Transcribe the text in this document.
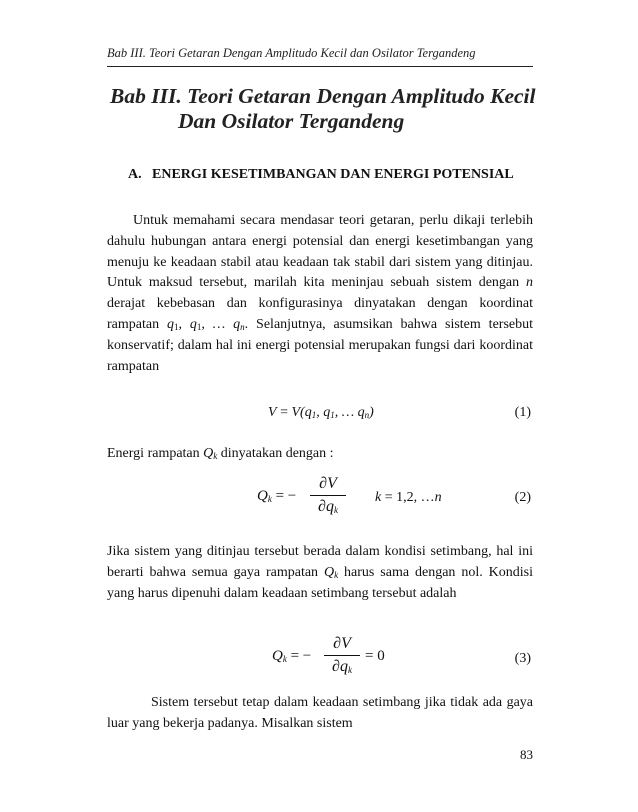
Bab III. Teori Getaran Dengan Amplitudo Kecil dan Osilator Tergandeng
Bab III. Teori Getaran Dengan Amplitudo Kecil
Dan Osilator Tergandeng
A. ENERGI KESETIMBANGAN DAN ENERGI POTENSIAL
Untuk memahami secara mendasar teori getaran, perlu dikaji terlebih dahulu hubungan antara energi potensial dan energi kesetimbangan yang menuju ke keadaan stabil atau keadaan tak stabil dari sistem yang ditinjau. Untuk maksud tersebut, marilah kita meninjau sebuah sistem dengan n derajat kebebasan dan konfigurasinya dinyatakan dengan koordinat rampatan $q_1$, $q_1$, … $q_n$. Selanjutnya, asumsikan bahwa sistem tersebut konservatif; dalam hal ini energi potensial merupakan fungsi dari koordinat rampatan
$V = V(q_1$, $q_1$, … $q_n$)	(1)
Energi rampatan $Q_k$ dinyatakan dengan :
$Q_k$ = −
∂V
$\partial q_k$
k = 1,2, …n	(2)
Jika sistem yang ditinjau tersebut berada dalam kondisi setimbang, hal ini berarti bahwa semua gaya rampatan $Q_k$ harus sama dengan nol. Kondisi yang harus dipenuhi dalam keadaan setimbang tersebut adalah
$Q_k$ = −
∂V
$\partial q_k$
= 0	(3)
Sistem tersebut tetap dalam keadaan setimbang jika tidak ada gaya luar yang bekerja padanya. Misalkan sistem
83
